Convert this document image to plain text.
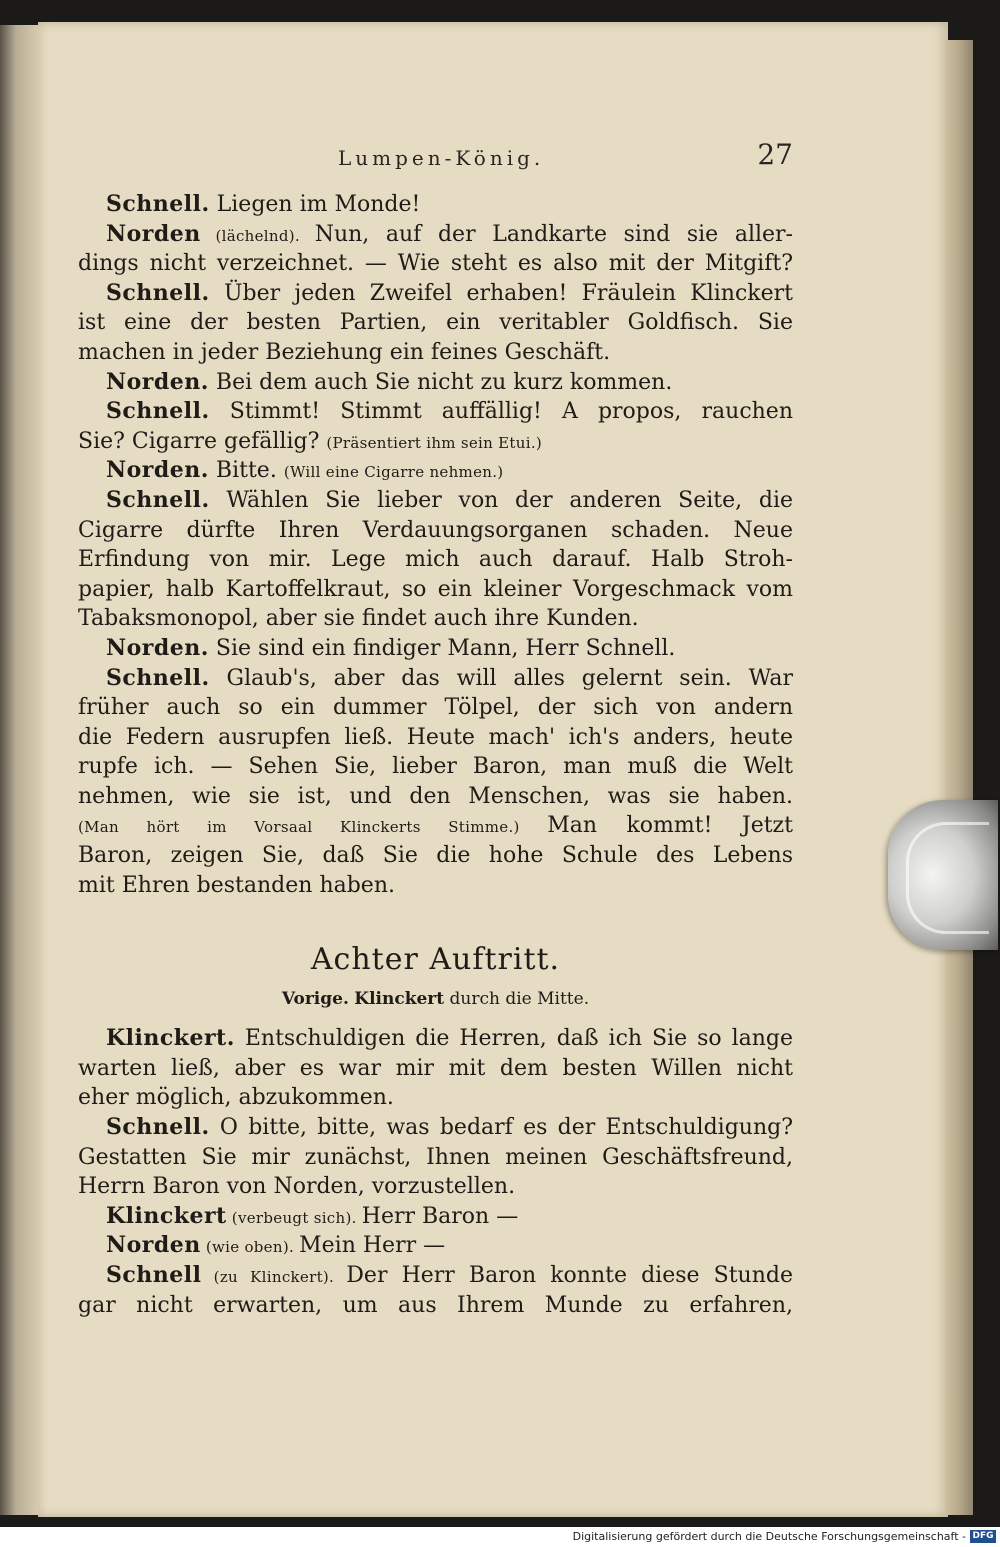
Lumpen-König.	27
Schnell. Liegen im Monde!
Norden (lächelnd). Nun, auf der Landkarte sind sie aller-
dings nicht verzeichnet. — Wie steht es also mit der Mitgift?
Schnell. Über jeden Zweifel erhaben! Fräulein Klinckert
ist eine der besten Partien, ein veritabler Goldfisch. Sie
machen in jeder Beziehung ein feines Geschäft.
Norden. Bei dem auch Sie nicht zu kurz kommen.
Schnell. Stimmt! Stimmt auffällig! A propos, rauchen
Sie? Cigarre gefällig? (Präsentiert ihm sein Etui.)
Norden. Bitte. (Will eine Cigarre nehmen.)
Schnell. Wählen Sie lieber von der anderen Seite, die
Cigarre dürfte Ihren Verdauungsorganen schaden. Neue
Erfindung von mir. Lege mich auch darauf. Halb Stroh-
papier, halb Kartoffelkraut, so ein kleiner Vorgeschmack vom
Tabaksmonopol, aber sie findet auch ihre Kunden.
Norden. Sie sind ein findiger Mann, Herr Schnell.
Schnell. Glaub's, aber das will alles gelernt sein. War
früher auch so ein dummer Tölpel, der sich von andern
die Federn ausrupfen ließ. Heute mach' ich's anders, heute
rupfe ich. — Sehen Sie, lieber Baron, man muß die Welt
nehmen, wie sie ist, und den Menschen, was sie haben.
(Man hört im Vorsaal Klinckerts Stimme.) Man kommt! Jetzt
Baron, zeigen Sie, daß Sie die hohe Schule des Lebens
mit Ehren bestanden haben.
Achter Auftritt.
Vorige. Klinckert durch die Mitte.
Klinckert. Entschuldigen die Herren, daß ich Sie so lange
warten ließ, aber es war mir mit dem besten Willen nicht
eher möglich, abzukommen.
Schnell. O bitte, bitte, was bedarf es der Entschuldigung?
Gestatten Sie mir zunächst, Ihnen meinen Geschäftsfreund,
Herrn Baron von Norden, vorzustellen.
Klinckert (verbeugt sich). Herr Baron —
Norden (wie oben). Mein Herr —
Schnell (zu Klinckert). Der Herr Baron konnte diese Stunde
gar nicht erwarten, um aus Ihrem Munde zu erfahren,
Digitalisierung gefördert durch die Deutsche Forschungsgemeinschaft - DFG
